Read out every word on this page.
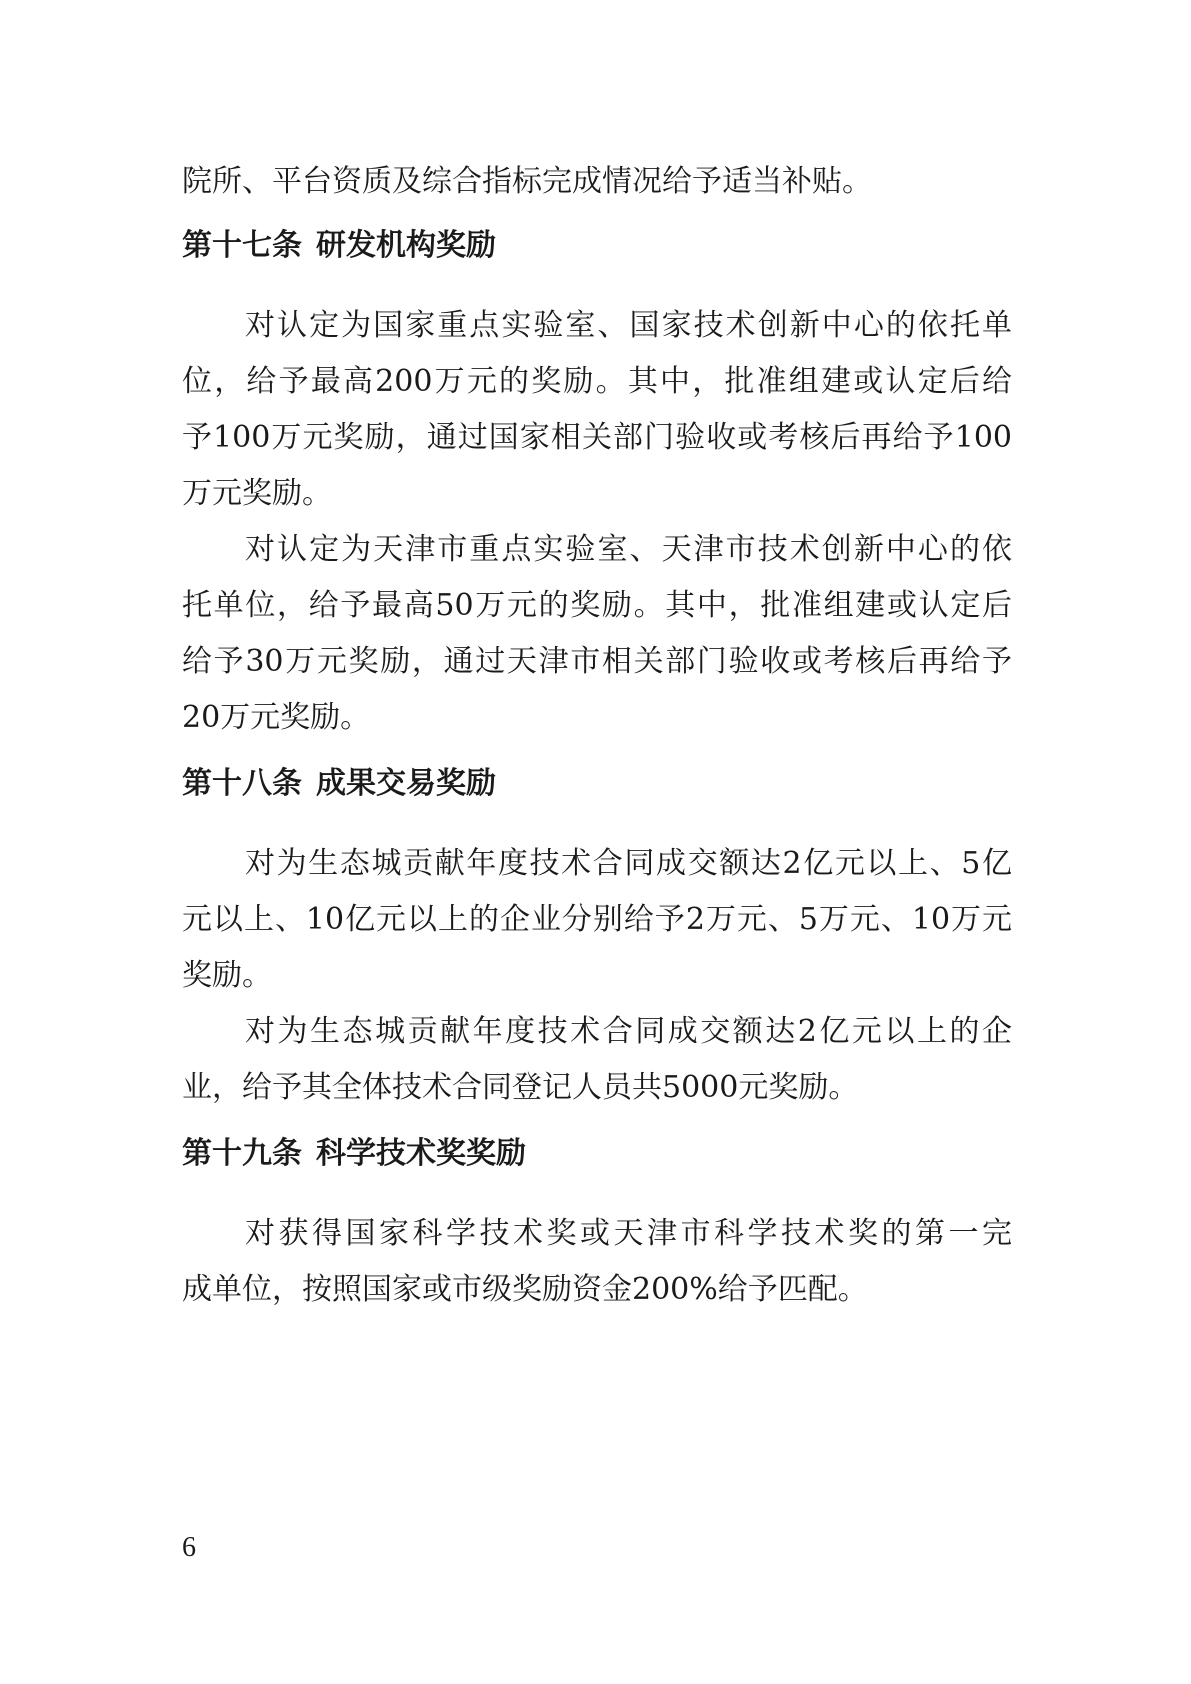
院所、平台资质及综合指标完成情况给予适当补贴。
第十七条 研发机构奖励
对认定为国家重点实验室、国家技术创新中心的依托单
位，给予最高200万元的奖励。其中，批准组建或认定后给
予100万元奖励，通过国家相关部门验收或考核后再给予100
万元奖励。
对认定为天津市重点实验室、天津市技术创新中心的依
托单位，给予最高50万元的奖励。其中，批准组建或认定后
给予30万元奖励，通过天津市相关部门验收或考核后再给予
20万元奖励。
第十八条 成果交易奖励
对为生态城贡献年度技术合同成交额达2亿元以上、5亿
元以上、10亿元以上的企业分别给予2万元、5万元、10万元
奖励。
对为生态城贡献年度技术合同成交额达2亿元以上的企
业，给予其全体技术合同登记人员共5000元奖励。
第十九条 科学技术奖奖励
对获得国家科学技术奖或天津市科学技术奖的第一完
成单位，按照国家或市级奖励资金200%给予匹配。
6
